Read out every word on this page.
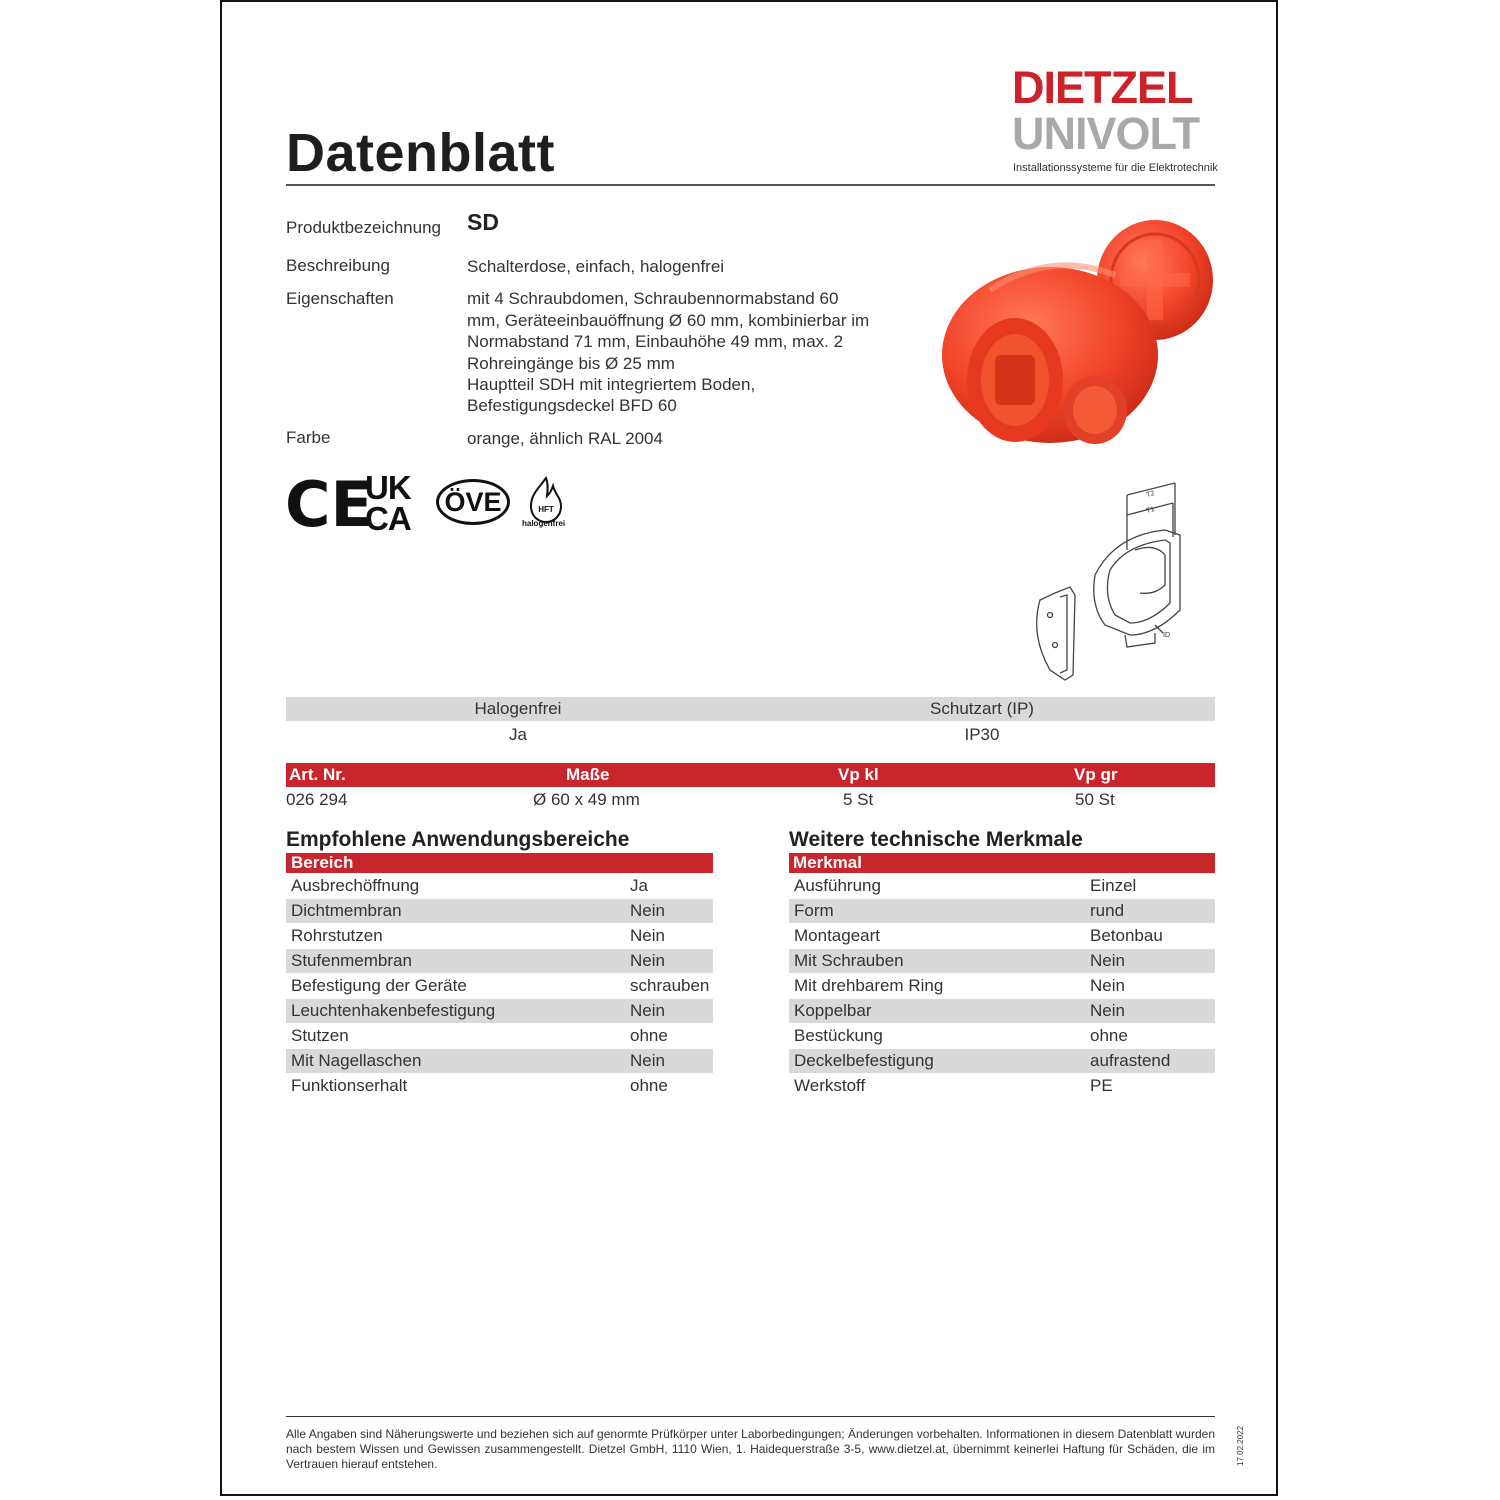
Datenblatt
DIETZEL
UNIVOLT
Installationssysteme für die Elektrotechnik
Produktbezeichnung SD
Beschreibung	Schalterdose, einfach, halogenfrei
Eigenschaften	mit 4 Schraubdomen, Schraubennormabstand 60 mm, Geräteeinbauöffnung Ø 60 mm, kombinierbar im Normabstand 71 mm, Einbauhöhe 49 mm, max. 2 Rohreingänge bis Ø 25 mm
Hauptteil SDH mit integriertem Boden,
Befestigungsdeckel BFD 60
Farbe	orange, ähnlich RAL 2004
CE
UK
CA	ÖVE	HFT
halogenfrei
T2
T1
ID
Halogenfrei	Schutzart (IP)
Ja	IP30
Art. Nr.	Maße	Vp kl	Vp gr
026 294	Ø 60 x 49 mm	5 St	50 St
Empfohlene Anwendungsbereiche
Bereich
Ausbrechöffnung	Ja
Dichtmembran	Nein
Rohrstutzen	Nein
Stufenmembran	Nein
Befestigung der Geräte	schrauben
Leuchtenhakenbefestigung	Nein
Stutzen	ohne
Mit Nagellaschen	Nein
Funktionserhalt	ohne
Weitere technische Merkmale
Merkmal
Ausführung	Einzel
Form	rund
Montageart	Betonbau
Mit Schrauben	Nein
Mit drehbarem Ring	Nein
Koppelbar	Nein
Bestückung	ohne
Deckelbefestigung	aufrastend
Werkstoff	PE
Alle Angaben sind Näherungswerte und beziehen sich auf genormte Prüfkörper unter Laborbedingungen; Änderungen vorbehalten. Informationen in diesem Datenblatt wurden nach bestem Wissen und Gewissen zusammengestellt. Dietzel GmbH, 1110 Wien, 1. Haidequerstraße 3-5, www.dietzel.at, übernimmt keinerlei Haftung für Schäden, die im Vertrauen hierauf entstehen.	17.02.2022
